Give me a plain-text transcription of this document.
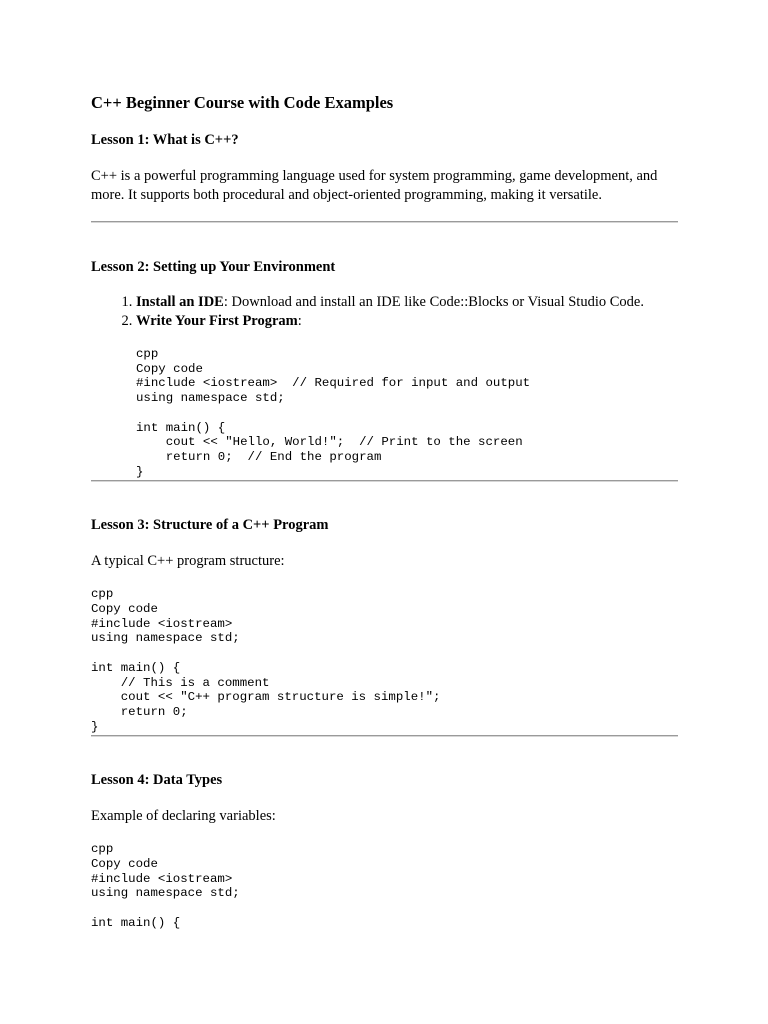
C++ Beginner Course with Code Examples
Lesson 1: What is C++?

C++ is a powerful programming language used for system programming, game development, and more. It supports both procedural and object-oriented programming, making it versatile.

Lesson 2: Setting up Your Environment
1. Install an IDE: Download and install an IDE like Code::Blocks or Visual Studio Code.
2. Write Your First Program:
cpp
Copy code
#include <iostream>  // Required for input and output
using namespace std;

int main() {
cout << "Hello, World!";  // Print to the screen
return 0;  // End the program
}
Lesson 3: Structure of a C++ Program

A typical C++ program structure:

cpp
Copy code
#include <iostream>
using namespace std;

int main() {
// This is a comment
cout << "C++ program structure is simple!";
return 0;
}
Lesson 4: Data Types

Example of declaring variables:

cpp
Copy code
#include <iostream>
using namespace std;

int main() {
